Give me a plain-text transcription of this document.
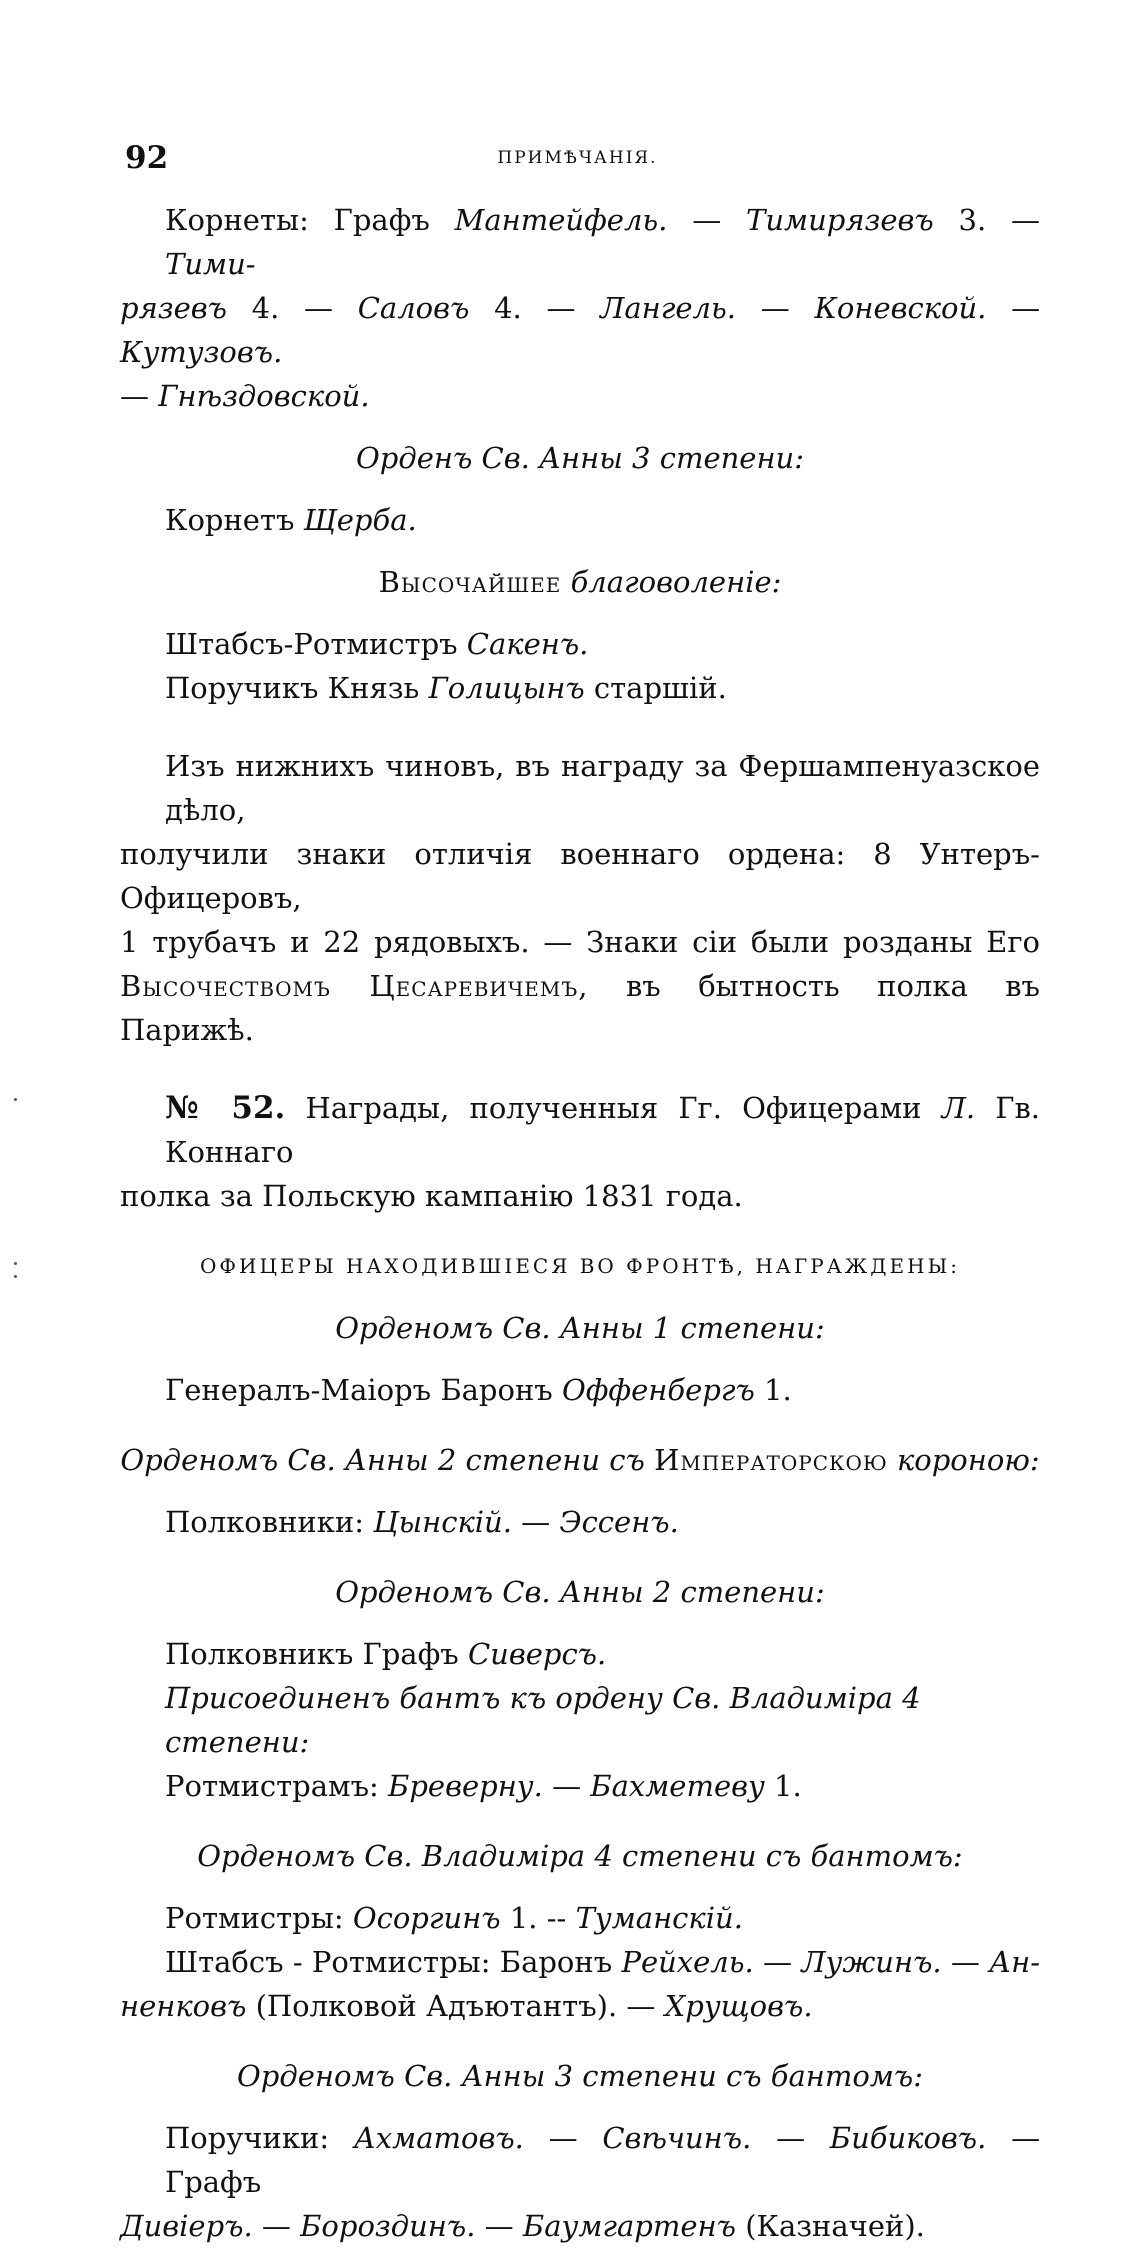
92	ПРИМѢЧАНІЯ.

Корнеты: Графъ Мантейфель. — Тимирязевъ 3. — Тими-

рязевъ 4. — Саловъ 4. — Лангель. — Коневской. — Кутузовъ.

— Гнѣздовской.

Орденъ Св. Анны 3 степени:

Корнетъ Щерба.

Высочайшее благоволеніе:

Штабсъ-Ротмистръ Сакенъ.

Поручикъ Князь Голицынъ старшій.

Изъ нижнихъ чиновъ, въ награду за Фершампенуазское дѣло,

получили знаки отличія военнаго ордена: 8 Унтеръ-Офицеровъ,

1 трубачъ и 22 рядовыхъ. — Знаки сіи были розданы Его

Высочествомъ Цесаревичемъ, въ бытность полка въ Парижѣ.

№ 52. Награды, полученныя Гг. Офицерами Л. Гв. Коннаго

полка за Польскую кампанію 1831 года.

ОФИЦЕРЫ НАХОДИВШІЕСЯ ВО ФРОНТѢ, НАГРАЖДЕНЫ:

Орденомъ Св. Анны 1 степени:

Генералъ-Маіоръ Баронъ Оффенбергъ 1.

Орденомъ Св. Анны 2 степени съ Императорскою короною:

Полковники: Цынскій. — Эссенъ.

Орденомъ Св. Анны 2 степени:

Полковникъ Графъ Сиверсъ.

Присоединенъ бантъ къ ордену Св. Владиміра 4 степени:

Ротмистрамъ: Бреверну. — Бахметеву 1.

Орденомъ Св. Владиміра 4 степени съ бантомъ:

Ротмистры: Осоргинъ 1. -- Туманскій.

Штабсъ - Ротмистры: Баронъ Рейхель. — Лужинъ. — Ан-

ненковъ (Полковой Адъютантъ). — Хрущовъ.

Орденомъ Св. Анны 3 степени съ бантомъ:

Поручики: Ахматовъ. — Свѣчинъ. — Бибиковъ. — Графъ

Дивіеръ. — Бороздинъ. — Баумгартенъ (Казначей).
